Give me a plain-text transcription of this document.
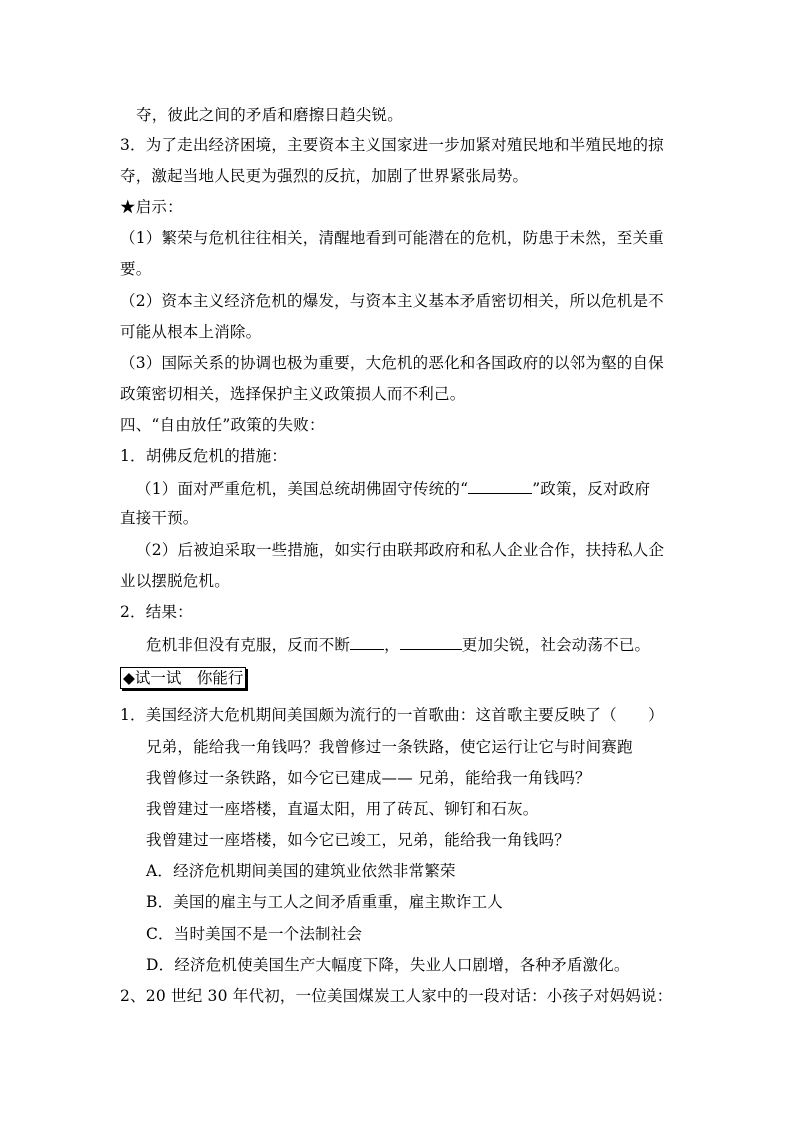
夺，彼此之间的矛盾和磨擦日趋尖锐。
3．为了走出经济困境，主要资本主义国家进一步加紧对殖民地和半殖民地的掠
夺，激起当地人民更为强烈的反抗，加剧了世界紧张局势。
★启示：
（1）繁荣与危机往往相关，清醒地看到可能潜在的危机，防患于未然，至关重
要。
（2）资本主义经济危机的爆发，与资本主义基本矛盾密切相关，所以危机是不
可能从根本上消除。
（3）国际关系的协调也极为重要，大危机的恶化和各国政府的以邻为壑的自保
政策密切相关，选择保护主义政策损人而不利己。
四、“自由放任”政策的失败：
1．胡佛反危机的措施：
（1）面对严重危机，美国总统胡佛固守传统的“	”政策，反对政府
直接干预。
（2）后被迫采取一些措施，如实行由联邦政府和私人企业合作，扶持私人企
业以摆脱危机。
2．结果：
危机非但没有克服，反而不断 ，	更加尖锐，社会动荡不已。
◆试一试　你能行
1．美国经济大危机期间美国颇为流行的一首歌曲：这首歌主要反映了（　　）
兄弟，能给我一角钱吗？我曾修过一条铁路，使它运行让它与时间赛跑
我曾修过一条铁路，如今它已建成—— 兄弟，能给我一角钱吗？
我曾建过一座塔楼，直逼太阳，用了砖瓦、铆钉和石灰。
我曾建过一座塔楼，如今它已竣工，兄弟，能给我一角钱吗？
A．经济危机期间美国的建筑业依然非常繁荣
B．美国的雇主与工人之间矛盾重重，雇主欺诈工人
C．当时美国不是一个法制社会
D．经济危机使美国生产大幅度下降，失业人口剧增，各种矛盾激化。
2、20 世纪 30 年代初，一位美国煤炭工人家中的一段对话：小孩子对妈妈说：
